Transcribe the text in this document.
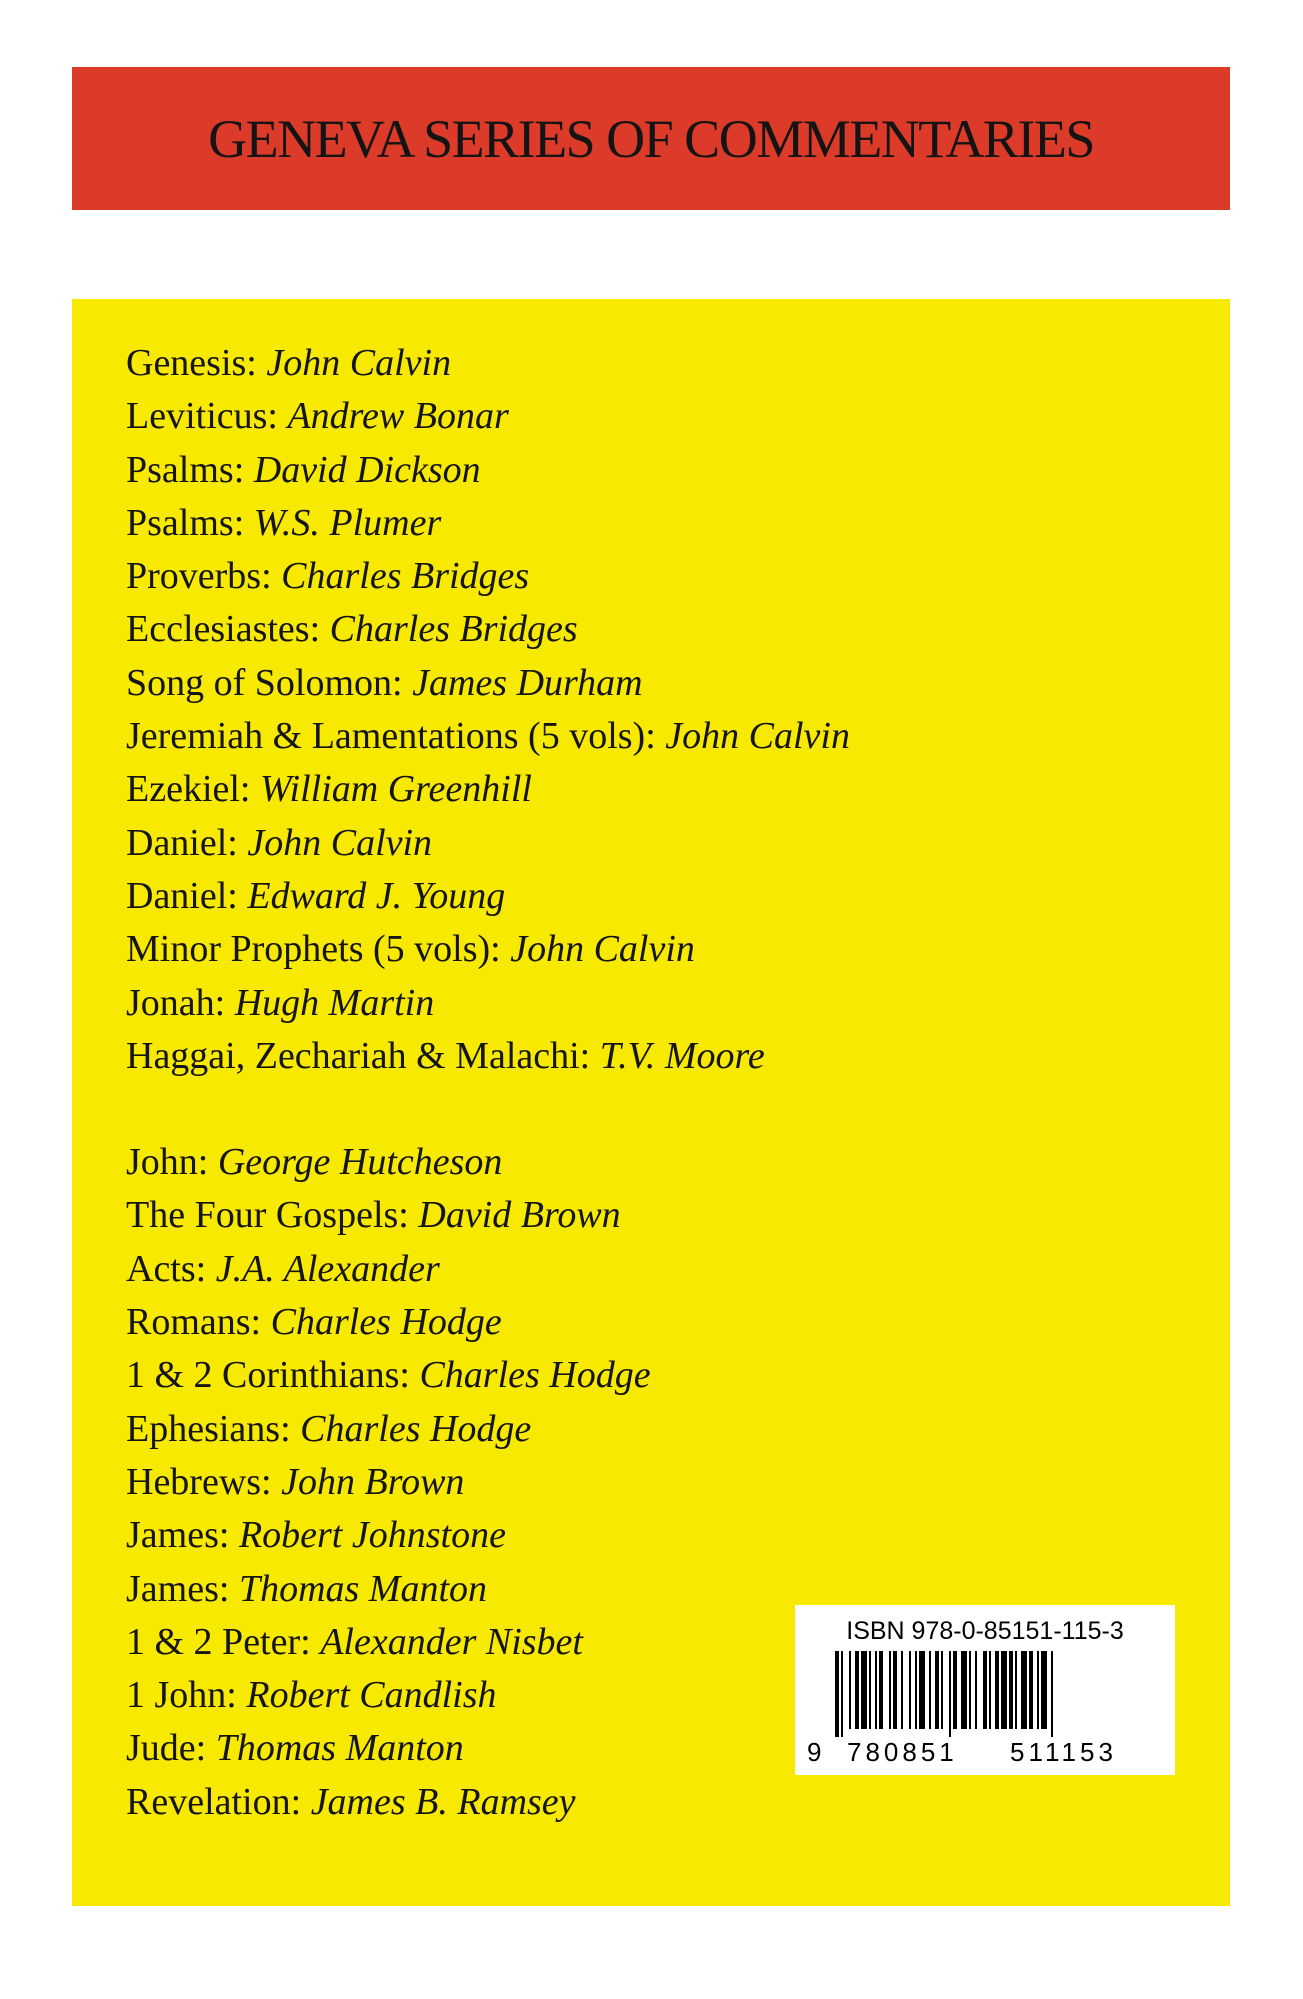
GENEVA SERIES OF COMMENTARIES
Genesis: John Calvin
Leviticus: Andrew Bonar
Psalms: David Dickson
Psalms: W.S. Plumer
Proverbs: Charles Bridges
Ecclesiastes: Charles Bridges
Song of Solomon: James Durham
Jeremiah & Lamentations (5 vols): John Calvin
Ezekiel: William Greenhill
Daniel: John Calvin
Daniel: Edward J. Young
Minor Prophets (5 vols): John Calvin
Jonah: Hugh Martin
Haggai, Zechariah & Malachi: T.V. Moore
John: George Hutcheson
The Four Gospels: David Brown
Acts: J.A. Alexander
Romans: Charles Hodge
1 & 2 Corinthians: Charles Hodge
Ephesians: Charles Hodge
Hebrews: John Brown
James: Robert Johnstone
James: Thomas Manton
1 & 2 Peter: Alexander Nisbet
1 John: Robert Candlish
Jude: Thomas Manton
Revelation: James B. Ramsey
ISBN 978-0-85151-115-3
9 780851 511153
